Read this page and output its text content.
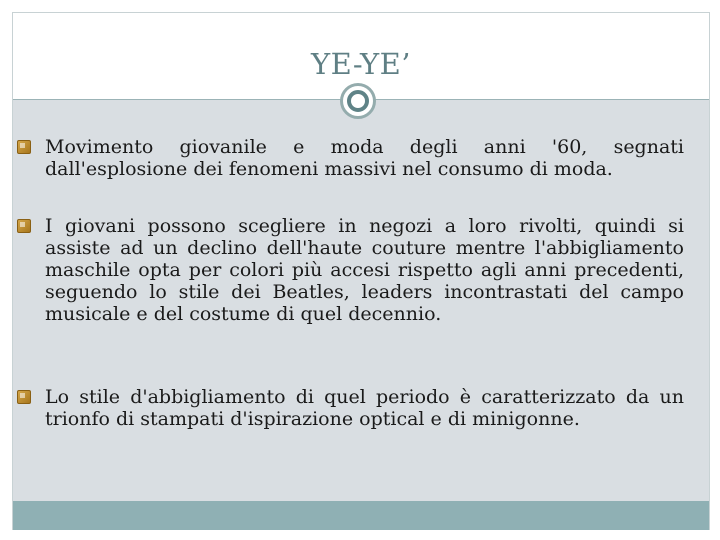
YE-YE’
Movimento giovanile e moda degli anni '60, segnati dall'esplosione dei fenomeni massivi nel consumo di moda.
I giovani possono scegliere in negozi a loro rivolti, quindi si assiste ad un declino dell'haute couture mentre l'abbigliamento maschile opta per colori più accesi rispetto agli anni precedenti, seguendo lo stile dei Beatles, leaders incontrastati del campo musicale e del costume di quel decennio.
Lo stile d'abbigliamento di quel periodo è caratterizzato da un trionfo di stampati d'ispirazione optical e di minigonne.
